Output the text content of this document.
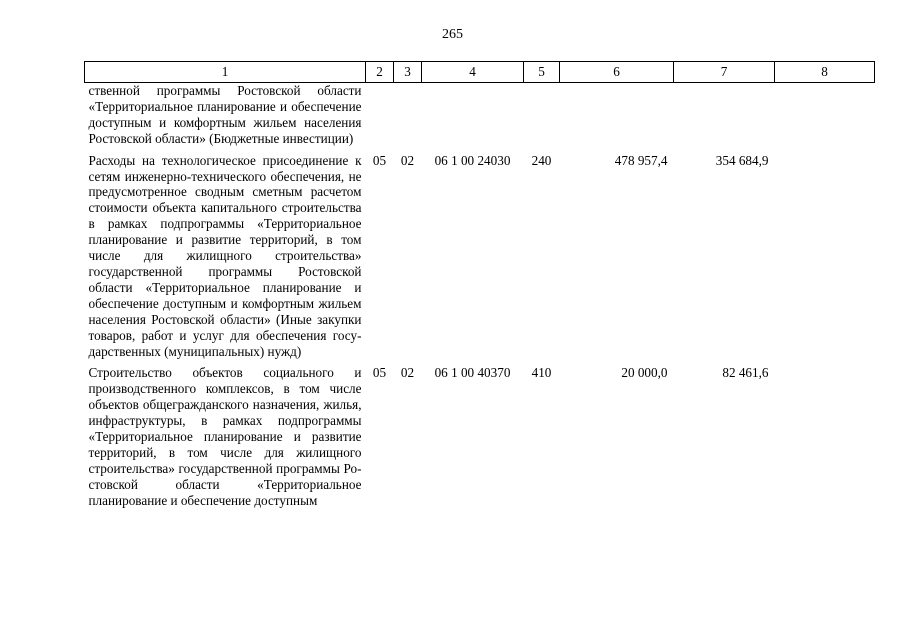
265
1	2	3	4	5	6	7	8
ственной программы Ростовской области «Территориальное планирование и обеспечение доступным и комфортным жильем населения Ростовской области» (Бюджетные инвестиции)							
Расходы на технологическое присоединение к сетям инженерно-технического обеспечения, не предусмотренное сводным сметным расчетом стоимости объекта капитального строительства в рамках подпрограммы «Территориальное планирование и развитие территорий, в том числе для жилищного строительства» государственной программы Ростовской области «Территориальное планирование и обеспечение доступным и комфортным жильем населения Ростовской области» (Иные закупки товаров, работ и услуг для обеспечения государственных (муниципальных) нужд)	05	02	06 1 00 24030	240	478 957,4	354 684,9	
Строительство объектов социального и производственного комплексов, в том числе объектов общегражданского назначения, жилья, инфраструктуры, в рамках подпрограммы «Территориальное планирование и развитие территорий, в том числе для жилищного строительства» государственной программы Ростовской области «Территориальное планирование и обеспечение доступным	05	02	06 1 00 40370	410	20 000,0	82 461,6	
